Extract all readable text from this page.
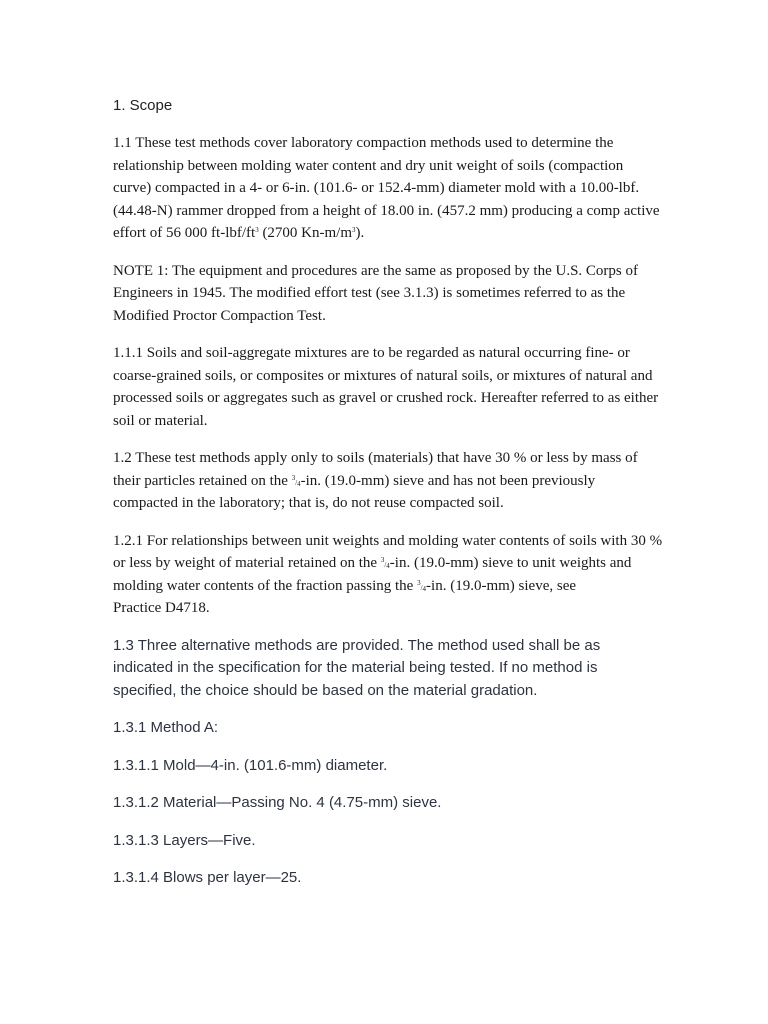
1. Scope

1.1 These test methods cover laboratory compaction methods used to determine the relationship between molding water content and dry unit weight of soils (compaction curve) compacted in a 4- or 6-in. (101.6- or 152.4-mm) diameter mold with a 10.00-lbf. (44.48-N) rammer dropped from a height of 18.00 in. (457.2 mm) producing a comp active effort of 56 000 $ft-lbf/ft^3$ (2700 $Kn-m/m^3$).

NOTE 1: The equipment and procedures are the same as proposed by the U.S. Corps of Engineers in 1945. The modified effort test (see 3.1.3) is sometimes referred to as the Modified Proctor Compaction Test.

1.1.1 Soils and soil-aggregate mixtures are to be regarded as natural occurring fine- or coarse-grained soils, or composites or mixtures of natural soils, or mixtures of natural and processed soils or aggregates such as gravel or crushed rock. Hereafter referred to as either soil or material.

1.2 These test methods apply only to soils (materials) that have 30 % or less by mass of their particles retained on the 3/4-in. (19.0-mm) sieve and has not been previously compacted in the laboratory; that is, do not reuse compacted soil.

1.2.1 For relationships between unit weights and molding water contents of soils with 30 % or less by weight of material retained on the 3/4-in. (19.0-mm) sieve to unit weights and molding water contents of the fraction passing the 3/4-in. (19.0-mm) sieve, see
Practice D4718.

1.3 Three alternative methods are provided. The method used shall be as indicated in the specification for the material being tested. If no method is specified, the choice should be based on the material gradation.

1.3.1 Method A:

1.3.1.1 Mold—4-in. (101.6-mm) diameter.

1.3.1.2 Material—Passing No. 4 (4.75-mm) sieve.

1.3.1.3 Layers—Five.

1.3.1.4 Blows per layer—25.
